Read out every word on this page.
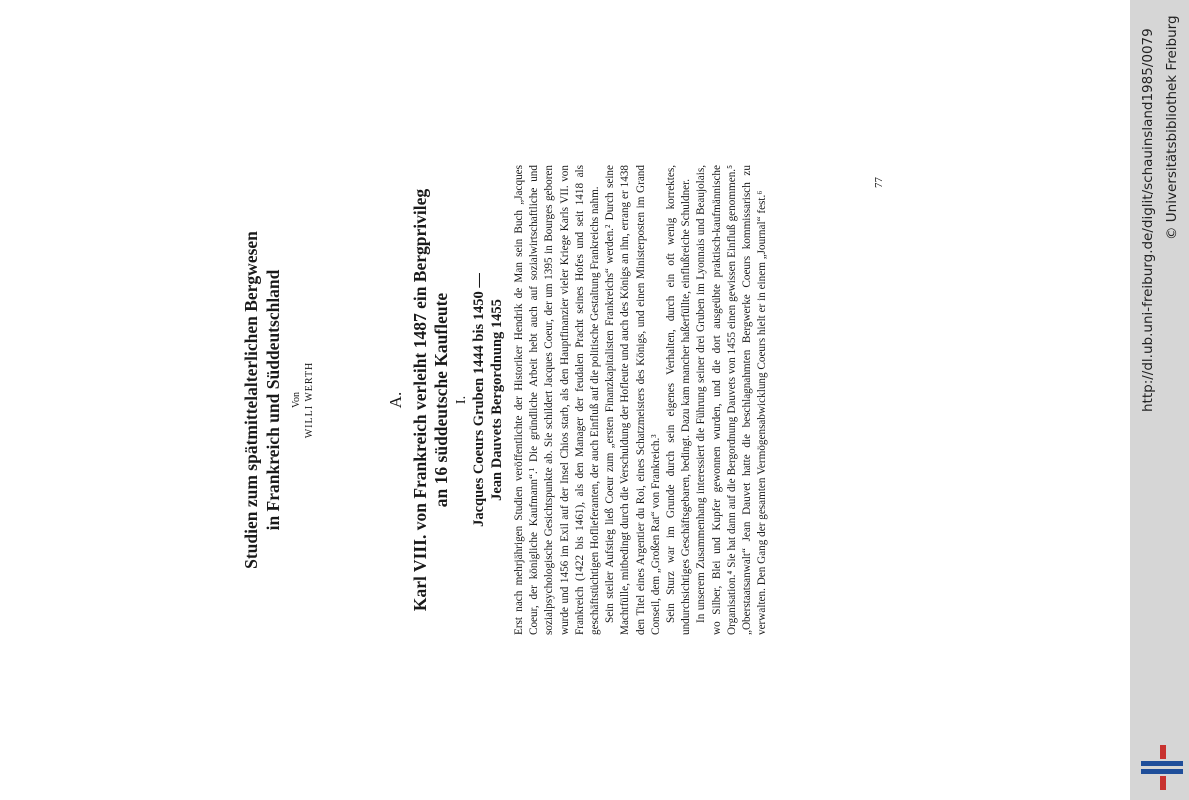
Studien zum spätmittelalterlichen Bergwesen in Frankreich und Süddeutschland Von WILLI WERTH	A. Karl VIII. von Frankreich verleiht 1487 ein Bergprivileg
an 16 süddeutsche Kaufleute I. Jacques Coeurs Gruben 1444 bis 1450 — Jean Dauvets Bergordnung 1455 Erst nach mehrjährigen Studien veröffentlichte der Historiker Hendrik de Man sein Buch „Jacques Coeur, der königliche Kaufmann“.¹ Die gründliche Arbeit hebt auch auf sozialwirtschaftliche und sozialpsychologische Gesichtspunkte ab. Sie schildert Jacques Coeur, der um 1395 in Bourges geboren wurde und 1456 im Exil auf der Insel Chios starb, als den Hauptfinanzier vieler Kriege Karls VII. von Frankreich (1422 bis 1461), als den Manager der feudalen Pracht seines Hofes und seit 1418 als geschäftstüchtigen Hoflieferanten, der auch Einfluß auf die politische Gestaltung Frankreichs nahm. Sein steiler Aufstieg ließ Coeur zum „ersten Finanzkapitalisten Frankreichs“ werden.² Durch seine Machtfülle, mitbedingt durch die Verschuldung der Hofleute und auch des Königs an ihn, errang er 1438 den Titel eines Argentier du Roi, eines Schatzmeisters des Königs, und einen Ministerposten im Grand Conseil, dem „Großen Rat“ von Frankreich.³ Sein Sturz war im Grunde durch sein eigenes Verhalten, durch ein oft wenig korrektes, undurchsichtiges Geschäftsgebaren, bedingt. Dazu kam mancher haßerfüllte, einflußreiche Schuldner. In unserem Zusammenhang interessiert die Führung seiner drei Gruben im Lyonnais und Beaujolais, wo Silber, Blei und Kupfer gewonnen wurden, und die dort ausgeübte praktisch-kaufmännische Organisation.⁴ Sie hat dann auf die Bergordnung Dauvets von 1455 einen gewissen Einfluß genommen.⁵ „Oberstaatsanwalt“ Jean Dauvet hatte die beschlagnahmten Bergwerke Coeurs kommissarisch zu verwalten. Den Gang der gesamten Vermögensabwicklung Coeurs hielt er in einem „Journal“ fest.⁶

77	http://dl.ub.uni-freiburg.de/diglit/schauinsland1985/0079 © Universitätsbibliothek Freiburg
